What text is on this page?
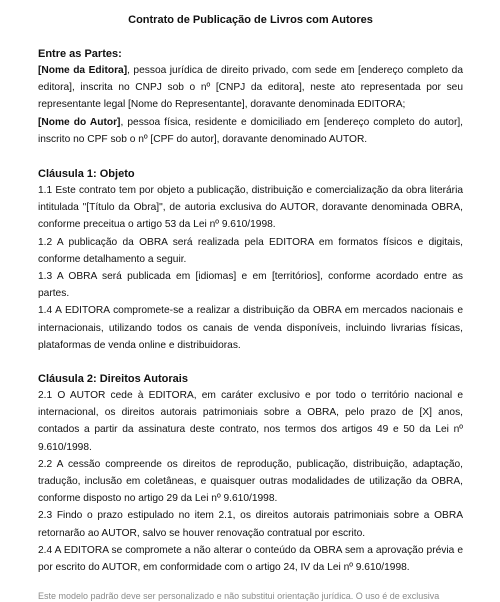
Contrato de Publicação de Livros com Autores
Entre as Partes:

[Nome da Editora], pessoa jurídica de direito privado, com sede em [endereço completo da editora], inscrita no CNPJ sob o nº [CNPJ da editora], neste ato representada por seu representante legal [Nome do Representante], doravante denominada EDITORA;

[Nome do Autor], pessoa física, residente e domiciliado em [endereço completo do autor], inscrito no CPF sob o nº [CPF do autor], doravante denominado AUTOR.

Cláusula 1: Objeto

1.1 Este contrato tem por objeto a publicação, distribuição e comercialização da obra literária intitulada "[Título da Obra]", de autoria exclusiva do AUTOR, doravante denominada OBRA, conforme preceitua o artigo 53 da Lei nº 9.610/1998.

1.2 A publicação da OBRA será realizada pela EDITORA em formatos físicos e digitais, conforme detalhamento a seguir.

1.3 A OBRA será publicada em [idiomas] e em [territórios], conforme acordado entre as partes.

1.4 A EDITORA compromete-se a realizar a distribuição da OBRA em mercados nacionais e internacionais, utilizando todos os canais de venda disponíveis, incluindo livrarias físicas, plataformas de venda online e distribuidoras.

Cláusula 2: Direitos Autorais

2.1 O AUTOR cede à EDITORA, em caráter exclusivo e por todo o território nacional e internacional, os direitos autorais patrimoniais sobre a OBRA, pelo prazo de [X] anos, contados a partir da assinatura deste contrato, nos termos dos artigos 49 e 50 da Lei nº 9.610/1998.

2.2 A cessão compreende os direitos de reprodução, publicação, distribuição, adaptação, tradução, inclusão em coletâneas, e quaisquer outras modalidades de utilização da OBRA, conforme disposto no artigo 29 da Lei nº 9.610/1998.

2.3 Findo o prazo estipulado no item 2.1, os direitos autorais patrimoniais sobre a OBRA retornarão ao AUTOR, salvo se houver renovação contratual por escrito.

2.4 A EDITORA se compromete a não alterar o conteúdo da OBRA sem a aprovação prévia e por escrito do AUTOR, em conformidade com o artigo 24, IV da Lei nº 9.610/1998.

Este modelo padrão deve ser personalizado e não substitui orientação jurídica. O uso é de exclusiva
